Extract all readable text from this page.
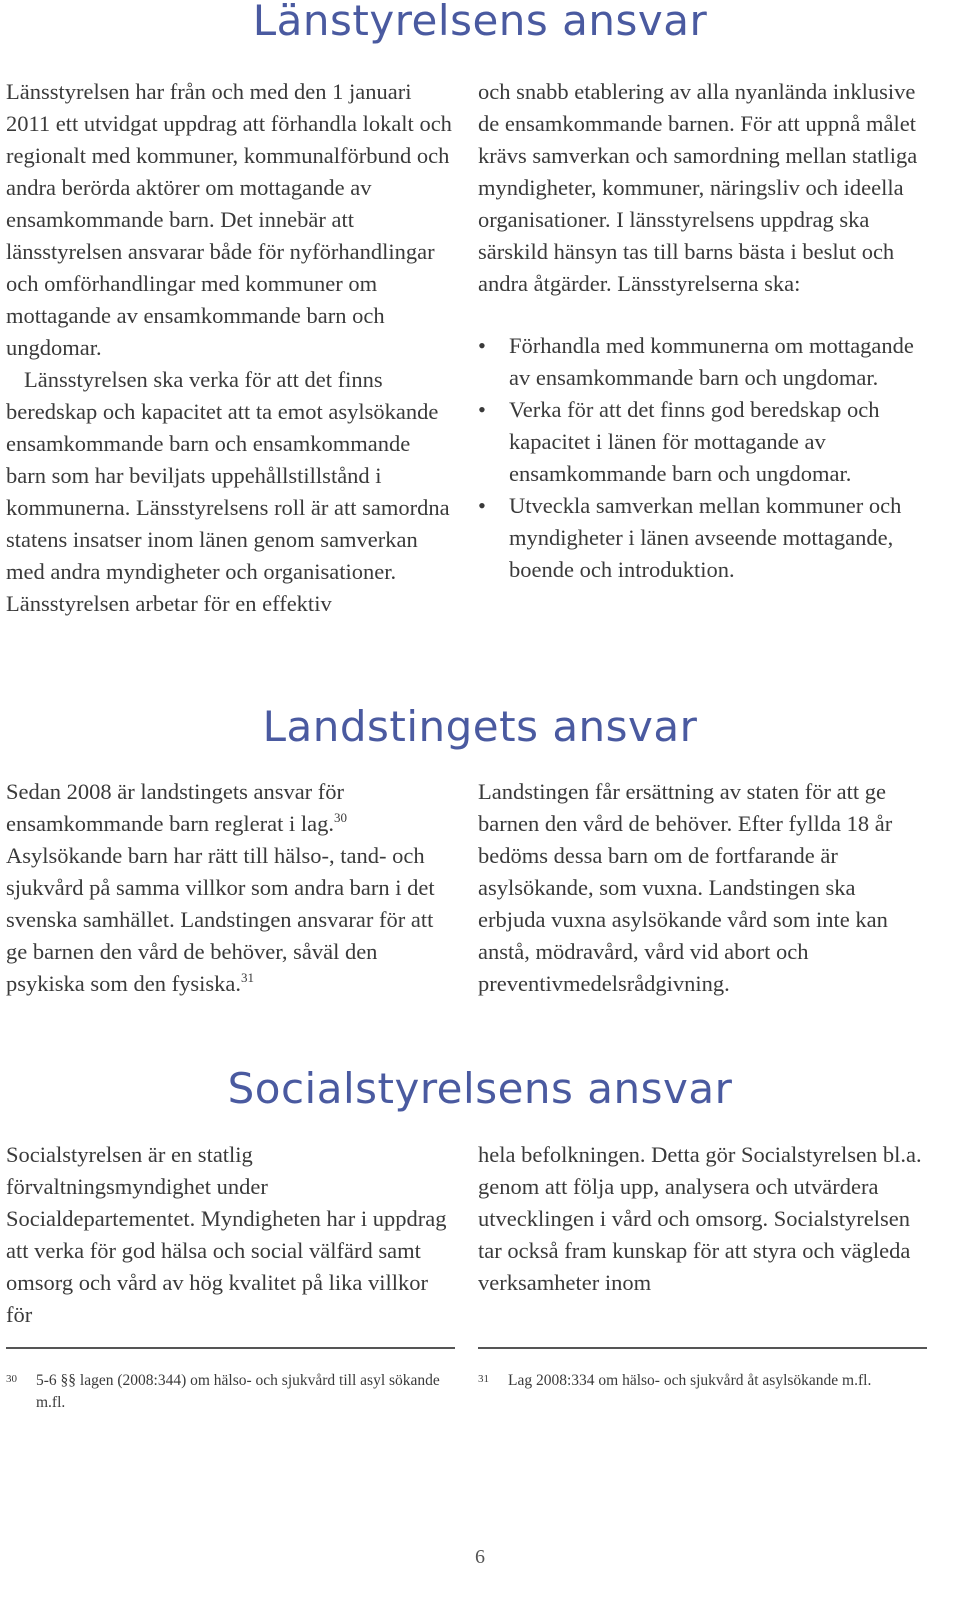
Länstyrelsens ansvar

Länsstyrelsen har från och med den 1 januari 2011 ett utvidgat uppdrag att förhandla lokalt och regionalt med kommuner, kommunalförbund och andra berörda aktörer om mottagande av ensamkommande barn. Det innebär att länsstyrelsen ansvarar både för nyförhandlingar och omförhandlingar med kommuner om mottagande av ensamkommande barn och ungdomar.

Länsstyrelsen ska verka för att det finns beredskap och kapacitet att ta emot asylsökande ensamkommande barn och ensamkommande barn som har beviljats uppehållstillstånd i kommunerna. Länsstyrelsens roll är att samordna statens insatser inom länen genom samverkan med andra myndigheter och organisationer. Länsstyrelsen arbetar för en effektiv

och snabb etablering av alla nyanlända inklusive de ensamkommande barnen. För att uppnå målet krävs samverkan och samordning mellan statliga myndigheter, kommuner, näringsliv och ideella organisationer. I länsstyrelsens uppdrag ska särskild hänsyn tas till barns bästa i beslut och andra åtgärder. Länsstyrelserna ska:

• Förhandla med kommunerna om mottagande av ensamkommande barn och ungdomar.
• Verka för att det finns god beredskap och kapacitet i länen för mottagande av ensamkommande barn och ungdomar.
• Utveckla samverkan mellan kommuner och myndigheter i länen avseende mottagande, boende och introduktion.
Landstingets ansvar

Sedan 2008 är landstingets ansvar för ensamkommande barn reglerat i lag.$^{30}$ Asylsökande barn har rätt till hälso-, tand- och sjukvård på samma villkor som andra barn i det svenska samhället. Landstingen ansvarar för att ge barnen den vård de behöver, såväl den psykiska som den fysiska.$^{31}$

Landstingen får ersättning av staten för att ge barnen den vård de behöver. Efter fyllda 18 år bedöms dessa barn om de fortfarande är asylsökande, som vuxna. Landstingen ska erbjuda vuxna asylsökande vård som inte kan anstå, mödravård, vård vid abort och preventivmedelsrådgivning.

Socialstyrelsens ansvar

Socialstyrelsen är en statlig förvaltningsmyndighet under Socialdepartementet. Myndigheten har i uppdrag att verka för god hälsa och social välfärd samt omsorg och vård av hög kvalitet på lika villkor för

hela befolkningen. Detta gör Socialstyrelsen bl.a. genom att följa upp, analysera och utvärdera utvecklingen i vård och omsorg. Socialstyrelsen tar också fram kunskap för att styra och vägleda verksamheter inom

30	5-6 §§ lagen (2008:344) om hälso- och sjukvård till asyl sökande m.fl.
31	Lag 2008:334 om hälso- och sjukvård åt asylsökande m.fl.
6
